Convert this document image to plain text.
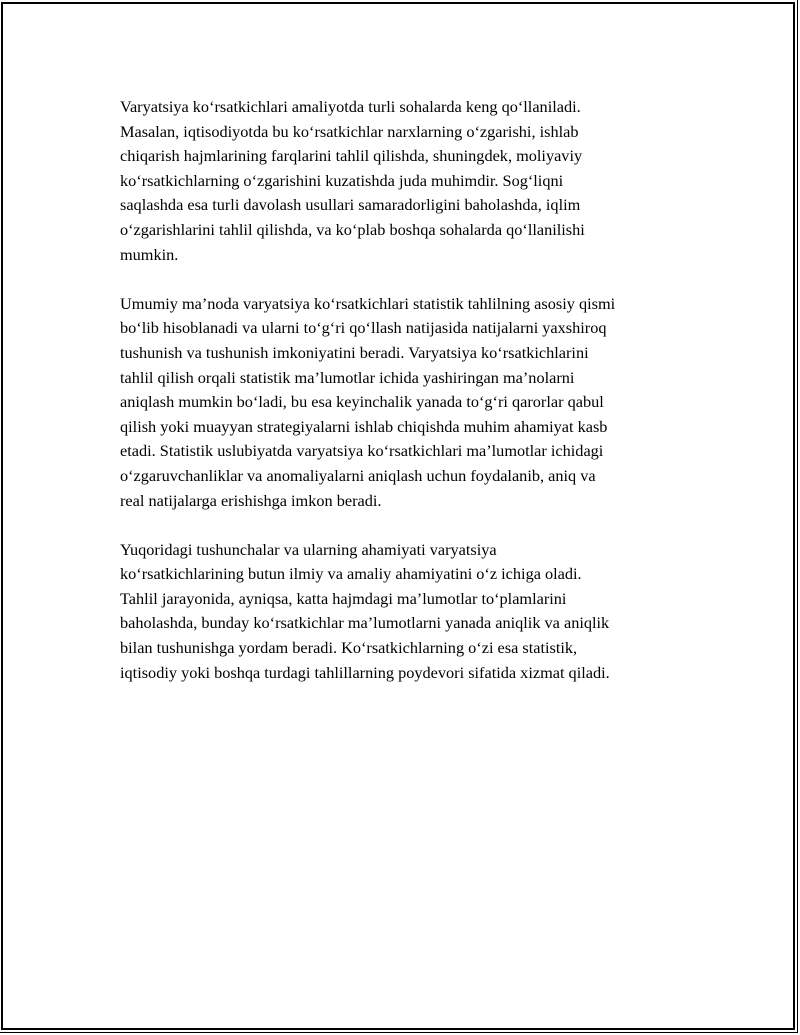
Varyatsiya koʻrsatkichlari amaliyotda turli sohalarda keng qoʻllaniladi.
Masalan, iqtisodiyotda bu koʻrsatkichlar narxlarning oʻzgarishi, ishlab
chiqarish hajmlarining farqlarini tahlil qilishda, shuningdek, moliyaviy
koʻrsatkichlarning oʻzgarishini kuzatishda juda muhimdir. Sogʻliqni
saqlashda esa turli davolash usullari samaradorligini baholashda, iqlim
oʻzgarishlarini tahlil qilishda, va koʻplab boshqa sohalarda qoʻllanilishi
mumkin.

Umumiy maʼnoda varyatsiya koʻrsatkichlari statistik tahlilning asosiy qismi
boʻlib hisoblanadi va ularni toʻgʻri qoʻllash natijasida natijalarni yaxshiroq
tushunish va tushunish imkoniyatini beradi. Varyatsiya koʻrsatkichlarini
tahlil qilish orqali statistik maʼlumotlar ichida yashiringan maʼnolarni
aniqlash mumkin boʻladi, bu esa keyinchalik yanada toʻgʻri qarorlar qabul
qilish yoki muayyan strategiyalarni ishlab chiqishda muhim ahamiyat kasb
etadi. Statistik uslubiyatda varyatsiya koʻrsatkichlari maʼlumotlar ichidagi
oʻzgaruvchanliklar va anomaliyalarni aniqlash uchun foydalanib, aniq va
real natijalarga erishishga imkon beradi.

Yuqoridagi tushunchalar va ularning ahamiyati varyatsiya
koʻrsatkichlarining butun ilmiy va amaliy ahamiyatini oʻz ichiga oladi.
Tahlil jarayonida, ayniqsa, katta hajmdagi maʼlumotlar toʻplamlarini
baholashda, bunday koʻrsatkichlar maʼlumotlarni yanada aniqlik va aniqlik
bilan tushunishga yordam beradi. Koʻrsatkichlarning oʻzi esa statistik,
iqtisodiy yoki boshqa turdagi tahlillarning poydevori sifatida xizmat qiladi.
